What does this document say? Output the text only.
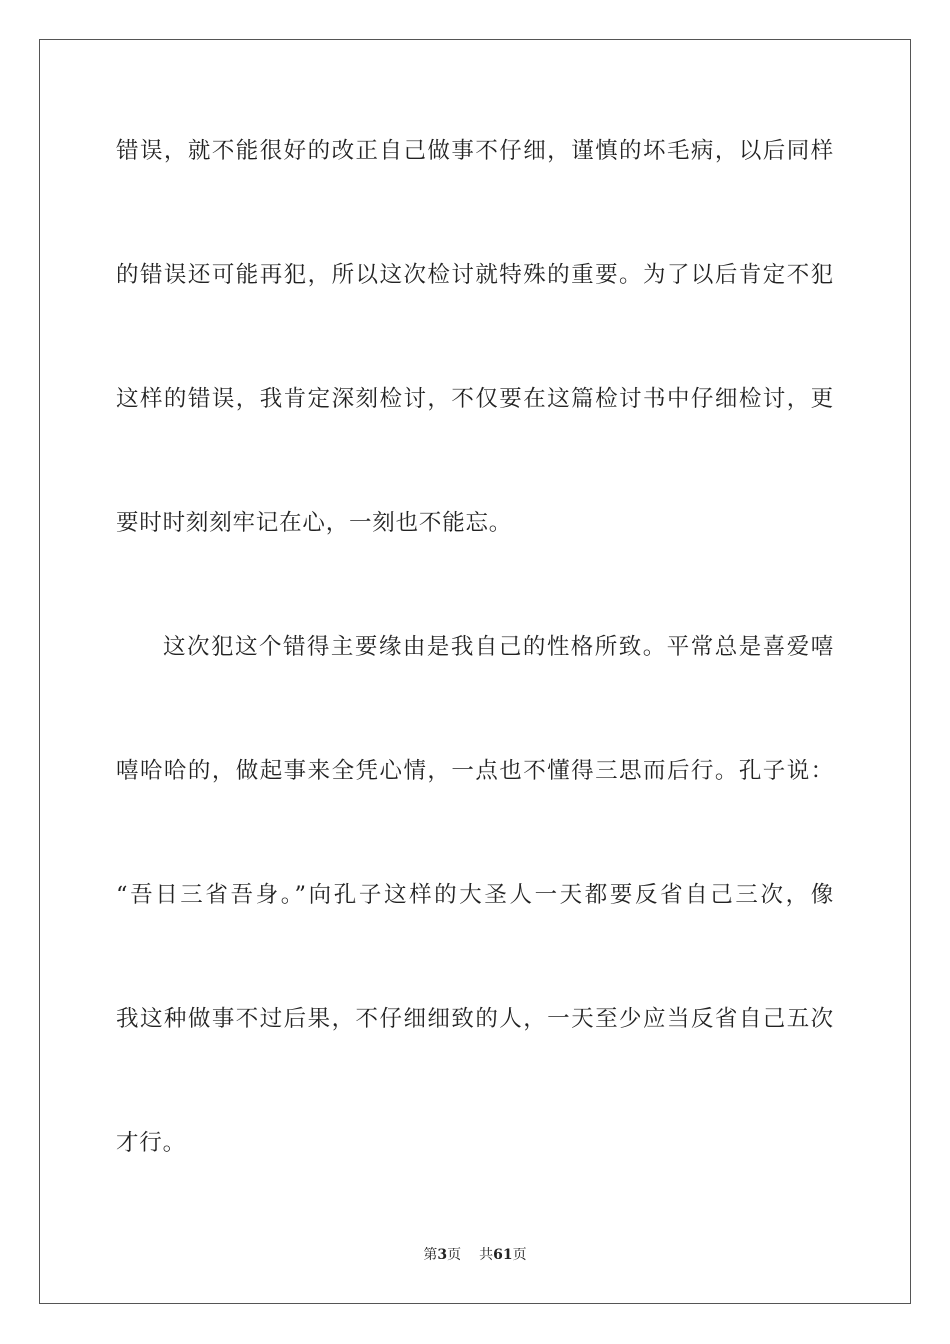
错误，就不能很好的改正自己做事不仔细，谨慎的坏毛病，以后同样
的错误还可能再犯，所以这次检讨就特殊的重要。为了以后肯定不犯
这样的错误，我肯定深刻检讨，不仅要在这篇检讨书中仔细检讨，更
要时时刻刻牢记在心，一刻也不能忘。
这次犯这个错得主要缘由是我自己的性格所致。平常总是喜爱嘻
嘻哈哈的，做起事来全凭心情，一点也不懂得三思而后行。孔子说：
“吾日三省吾身。”向孔子这样的大圣人一天都要反省自己三次，像
我这种做事不过后果，不仔细细致的人，一天至少应当反省自己五次
才行。
第3页 共61页
